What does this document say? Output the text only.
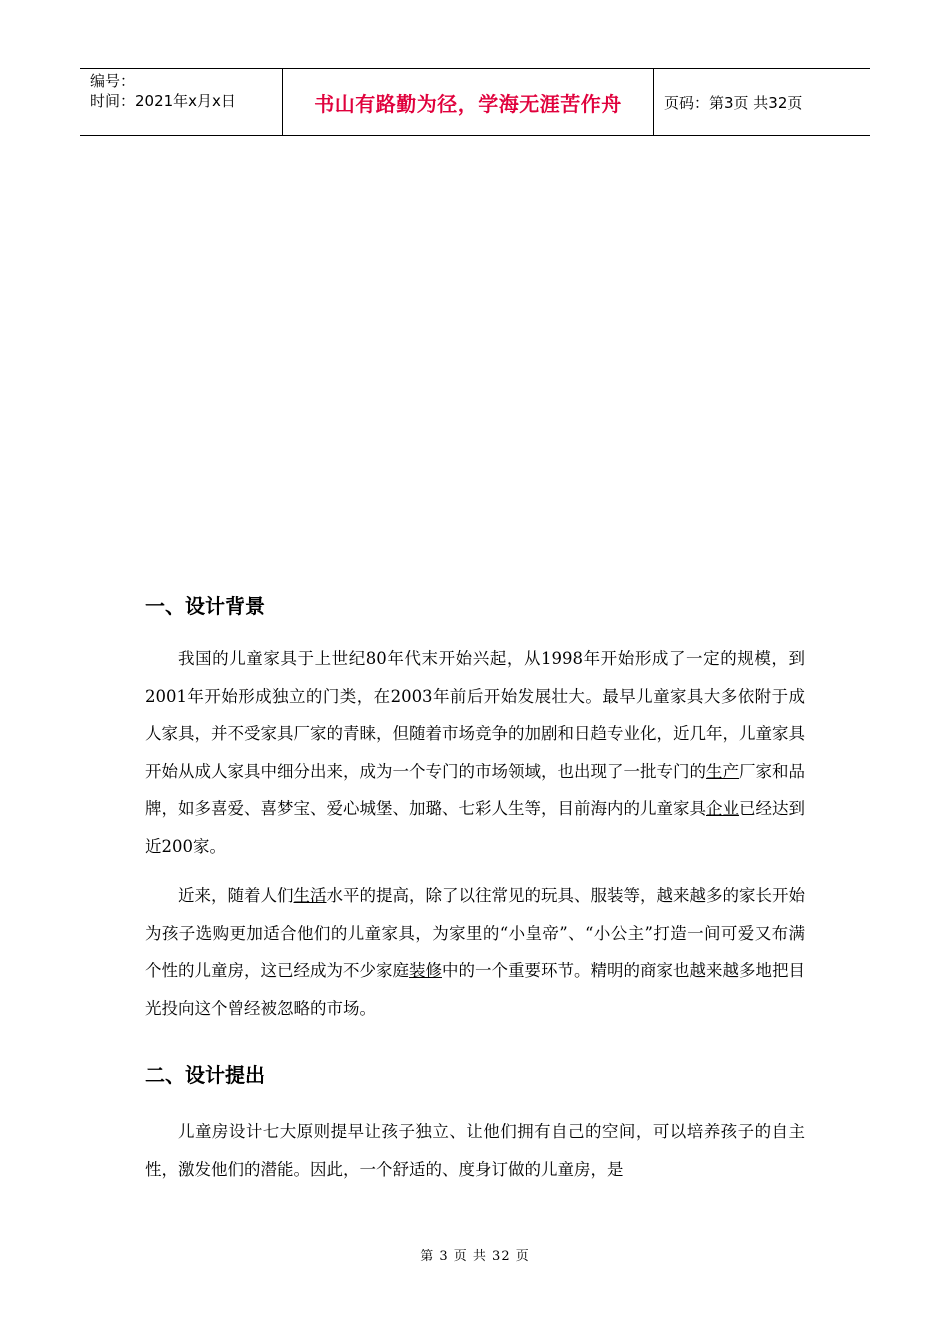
编号：
时间：2021年x月x日	书山有路勤为径，学海无涯苦作舟	页码：第3页 共32页
一、设计背景

我国的儿童家具于上世纪80年代末开始兴起，从1998年开始形成了一定的规模，到2001年开始形成独立的门类，在2003年前后开始发展壮大。最早儿童家具大多依附于成人家具，并不受家具厂家的青睐，但随着市场竞争的加剧和日趋专业化，近几年，儿童家具开始从成人家具中细分出来，成为一个专门的市场领域，也出现了一批专门的生产厂家和品牌，如多喜爱、喜梦宝、爱心城堡、加璐、七彩人生等，目前海内的儿童家具企业已经达到近200家。

近来，随着人们生活水平的提高，除了以往常见的玩具、服装等，越来越多的家长开始为孩子选购更加适合他们的儿童家具，为家里的“小皇帝”、“小公主”打造一间可爱又布满个性的儿童房，这已经成为不少家庭装修中的一个重要环节。精明的商家也越来越多地把目光投向这个曾经被忽略的市场。

二、设计提出

儿童房设计七大原则提早让孩子独立、让他们拥有自己的空间，可以培养孩子的自主性，激发他们的潜能。因此，一个舒适的、度身订做的儿童房，是

第 3 页 共 32 页
